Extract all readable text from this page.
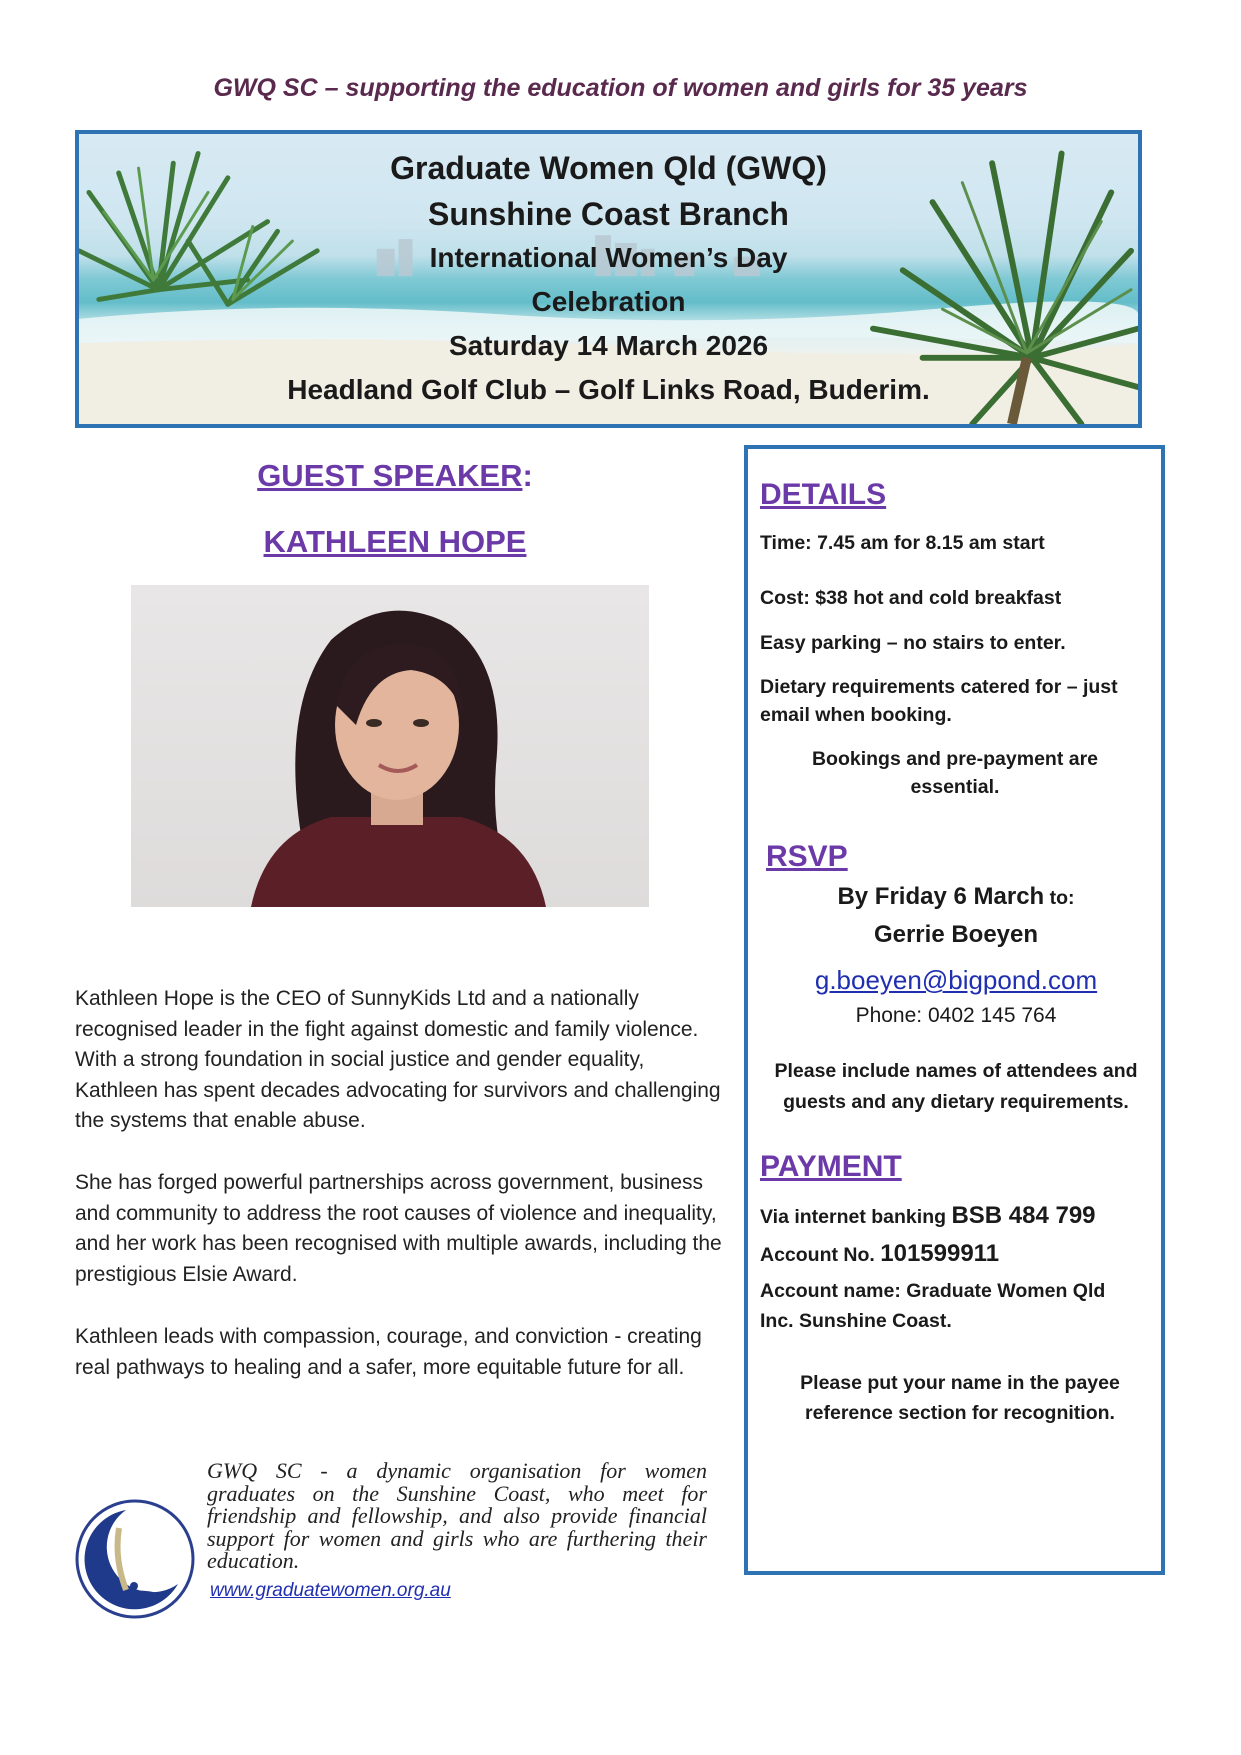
GWQ SC – supporting the education of women and girls for 35 years
Graduate Women Qld (GWQ)
Sunshine Coast Branch
International Women’s Day
Celebration
Saturday 14 March 2026
Headland Golf Club – Golf Links Road, Buderim.
GUEST SPEAKER:
KATHLEEN HOPE

Kathleen Hope is the CEO of SunnyKids Ltd and a nationally recognised leader in the fight against domestic and family violence. With a strong foundation in social justice and gender equality, Kathleen has spent decades advocating for survivors and challenging the systems that enable abuse.

She has forged powerful partnerships across government, business and community to address the root causes of violence and inequality, and her work has been recognised with multiple awards, including the prestigious Elsie Award.

Kathleen leads with compassion, courage, and conviction - creating real pathways to healing and a safer, more equitable future for all.

GWQ SC - a dynamic organisation for women graduates on the Sunshine Coast, who meet for friendship and fellowship, and also provide financial support for women and girls who are furthering their education.
www.graduatewomen.org.au
DETAILS
Time: 7.45 am for 8.15 am start
Cost: $38 hot and cold breakfast
Easy parking – no stairs to enter.
Dietary requirements catered for – just email when booking.
Bookings and pre-payment are essential.
RSVP
By Friday 6 March to:
Gerrie Boeyen
g.boeyen@bigpond.com
Phone: 0402 145 764
Please include names of attendees and guests and any dietary requirements.
PAYMENT
Via internet banking BSB 484 799
Account No. 101599911
Account name: Graduate Women Qld Inc. Sunshine Coast.
Please put your name in the payee reference section for recognition.
